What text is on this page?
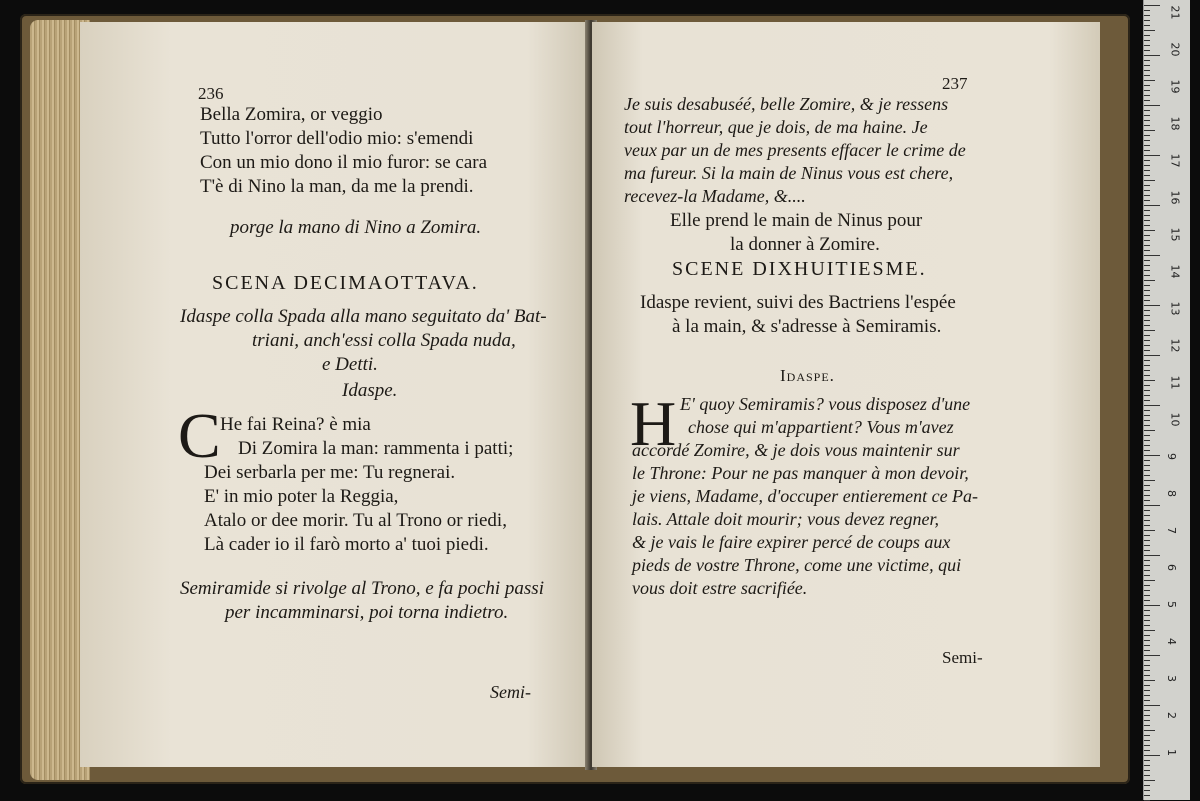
236
Bella Zomira, or veggio
Tutto l'orror dell'odio mio: s'emendi
Con un mio dono il mio furor: se cara
T'è di Nino la man, da me la prendi.
porge la mano di Nino a Zomira.
SCENA DECIMAOTTAVA.
Idaspe colla Spada alla mano seguitato da' Bat-
triani, anch'essi colla Spada nuda,
e Detti.
Idaspe.
C He fai Reina? è mia
Di Zomira la man: rammenta i patti;
Dei serbarla per me: Tu regnerai.
E' in mio poter la Reggia,
Atalo or dee morir. Tu al Trono or riedi,
Là cader io il farò morto a' tuoi piedi.
Semiramide si rivolge al Trono, e fa pochi passi
per incamminarsi, poi torna indietro.
Semi-
237
Je suis desabuséé, belle Zomire, & je ressens
tout l'horreur, que je dois, de ma haine. Je
veux par un de mes presents effacer le crime de
ma fureur. Si la main de Ninus vous est chere,
recevez-la Madame, &....
Elle prend le main de Ninus pour
la donner à Zomire.
SCENE DIXHUITIESME.
Idaspe revient, suivi des Bactriens l'espée
à la main, & s'adresse à Semiramis.
Idaspe.
H E' quoy Semiramis? vous disposez d'une
chose qui m'appartient? Vous m'avez
accordé Zomire, & je dois vous maintenir sur
le Throne: Pour ne pas manquer à mon devoir,
je viens, Madame, d'occuper entierement ce Pa-
lais. Attale doit mourir; vous devez regner,
& je vais le faire expirer percé de coups aux
pieds de vostre Throne, come une victime, qui
vous doit estre sacrifiée.
Semi-
21
20
19
18
17
16
15
14
13
12
11
10
9
8
7
6
5
4
3
2
1
